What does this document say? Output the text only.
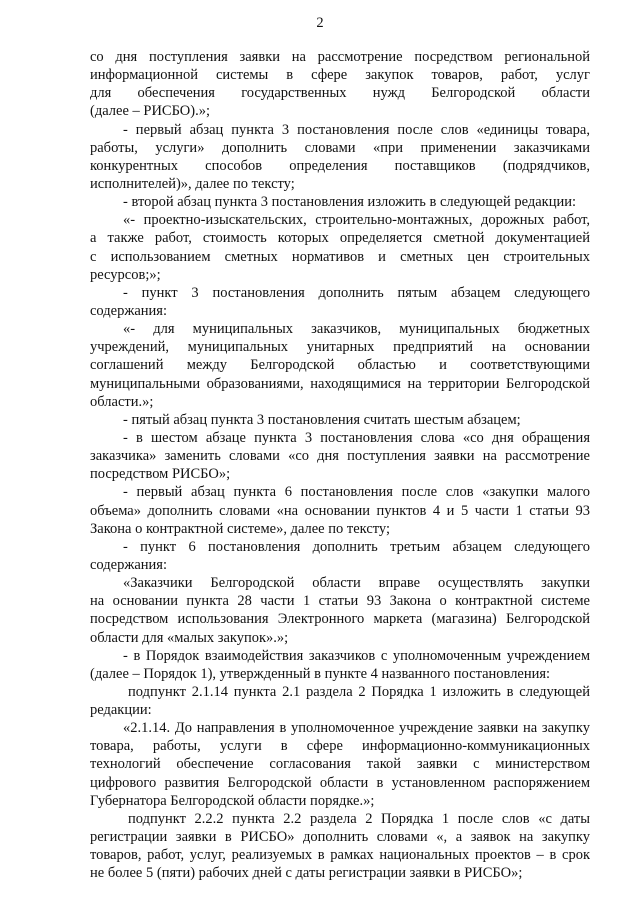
2
со дня поступления заявки на рассмотрение посредством региональной
информационной системы в сфере закупок товаров, работ, услуг
для обеспечения государственных нужд Белгородской области
(далее – РИСБО).»;
- первый абзац пункта 3 постановления после слов «единицы товара,
работы, услуги» дополнить словами «при применении заказчиками
конкурентных способов определения поставщиков (подрядчиков,
исполнителей)», далее по тексту;
- второй абзац пункта 3 постановления изложить в следующей редакции:
«- проектно-изыскательских, строительно-монтажных, дорожных работ,
а также работ, стоимость которых определяется сметной документацией
с использованием сметных нормативов и сметных цен строительных
ресурсов;»;
- пункт 3 постановления дополнить пятым абзацем следующего
содержания:
«- для муниципальных заказчиков, муниципальных бюджетных
учреждений, муниципальных унитарных предприятий на основании
соглашений между Белгородской областью и соответствующими
муниципальными образованиями, находящимися на территории Белгородской
области.»;
- пятый абзац пункта 3 постановления считать шестым абзацем;
- в шестом абзаце пункта 3 постановления слова «со дня обращения
заказчика» заменить словами «со дня поступления заявки на рассмотрение
посредством РИСБО»;
- первый абзац пункта 6 постановления после слов «закупки малого
объема» дополнить словами «на основании пунктов 4 и 5 части 1 статьи 93
Закона о контрактной системе», далее по тексту;
- пункт 6 постановления дополнить третьим абзацем следующего
содержания:
«Заказчики Белгородской области вправе осуществлять закупки
на основании пункта 28 части 1 статьи 93 Закона о контрактной системе
посредством использования Электронного маркета (магазина) Белгородской
области для «малых закупок».»;
- в Порядок взаимодействия заказчиков с уполномоченным учреждением
(далее – Порядок 1), утвержденный в пункте 4 названного постановления:
подпункт 2.1.14 пункта 2.1 раздела 2 Порядка 1 изложить в следующей
редакции:
«2.1.14. До направления в уполномоченное учреждение заявки на закупку
товара, работы, услуги в сфере информационно-коммуникационных
технологий обеспечение согласования такой заявки с министерством
цифрового развития Белгородской области в установленном распоряжением
Губернатора Белгородской области порядке.»;
подпункт 2.2.2 пункта 2.2 раздела 2 Порядка 1 после слов «с даты
регистрации заявки в РИСБО» дополнить словами «, а заявок на закупку
товаров, работ, услуг, реализуемых в рамках национальных проектов – в срок
не более 5 (пяти) рабочих дней с даты регистрации заявки в РИСБО»;
